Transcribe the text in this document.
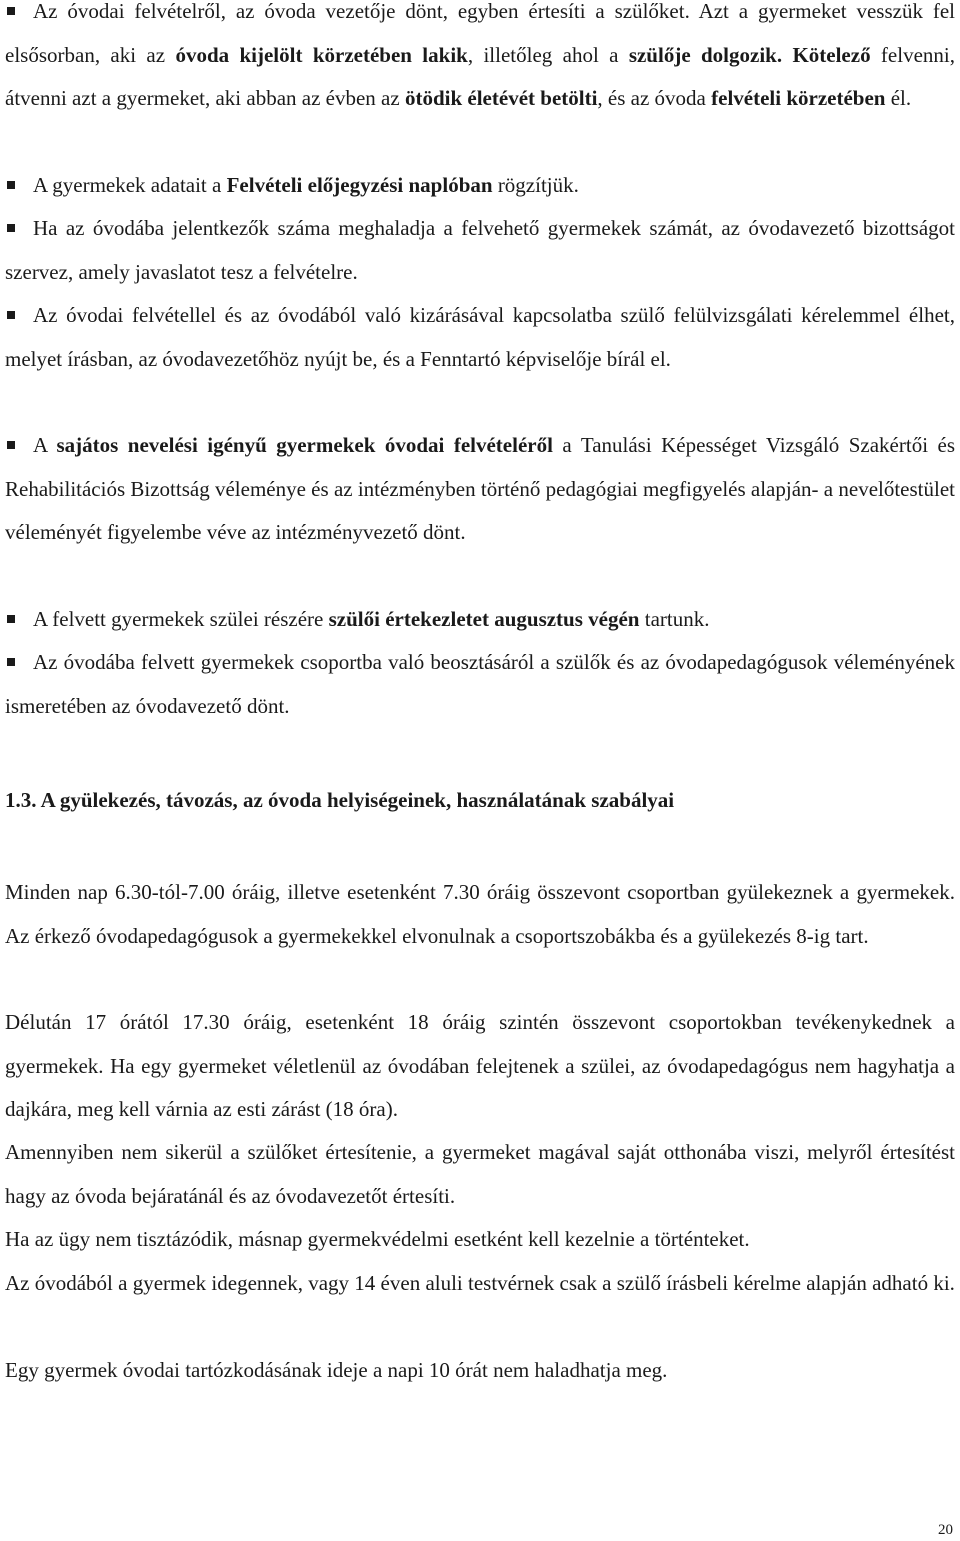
Az óvodai felvételről, az óvoda vezetője dönt, egyben értesíti a szülőket. Azt a gyermeket vesszük fel elsősorban, aki az óvoda kijelölt körzetében lakik, illetőleg ahol a szülője dolgozik. Kötelező felvenni, átvenni azt a gyermeket, aki abban az évben az ötödik életévét betölti, és az óvoda felvételi körzetében él.

A gyermekek adatait a Felvételi előjegyzési naplóban rögzítjük.

Ha az óvodába jelentkezők száma meghaladja a felvehető gyermekek számát, az óvodavezető bizottságot szervez, amely javaslatot tesz a felvételre.

Az óvodai felvétellel és az óvodából való kizárásával kapcsolatba szülő felülvizsgálati kérelemmel élhet, melyet írásban, az óvodavezetőhöz nyújt be, és a Fenntartó képviselője bírál el.

A sajátos nevelési igényű gyermekek óvodai felvételéről a Tanulási Képességet Vizsgáló Szakértői és Rehabilitációs Bizottság véleménye és az intézményben történő pedagógiai megfigyelés alapján- a nevelőtestület véleményét figyelembe véve az intézményvezető dönt.

A felvett gyermekek szülei részére szülői értekezletet augusztus végén tartunk.

Az óvodába felvett gyermekek csoportba való beosztásáról a szülők és az óvodapedagógusok véleményének ismeretében az óvodavezető dönt.

1.3. A gyülekezés, távozás, az óvoda helyiségeinek, használatának szabályai

Minden nap 6.30-tól-7.00 óráig, illetve esetenként 7.30 óráig összevont csoportban gyülekeznek a gyermekek. Az érkező óvodapedagógusok a gyermekekkel elvonulnak a csoportszobákba és a gyülekezés 8-ig tart.

Délután 17 órától 17.30 óráig, esetenként 18 óráig szintén összevont csoportokban tevékenykednek a gyermekek. Ha egy gyermeket véletlenül az óvodában felejtenek a szülei, az óvodapedagógus nem hagyhatja a dajkára, meg kell várnia az esti zárást (18 óra).

Amennyiben nem sikerül a szülőket értesítenie, a gyermeket magával saját otthonába viszi, melyről értesítést hagy az óvoda bejáratánál és az óvodavezetőt értesíti.

Ha az ügy nem tisztázódik, másnap gyermekvédelmi esetként kell kezelnie a történteket.

Az óvodából a gyermek idegennek, vagy 14 éven aluli testvérnek csak a szülő írásbeli kérelme alapján adható ki.

Egy gyermek óvodai tartózkodásának ideje a napi 10 órát nem haladhatja meg.

20
